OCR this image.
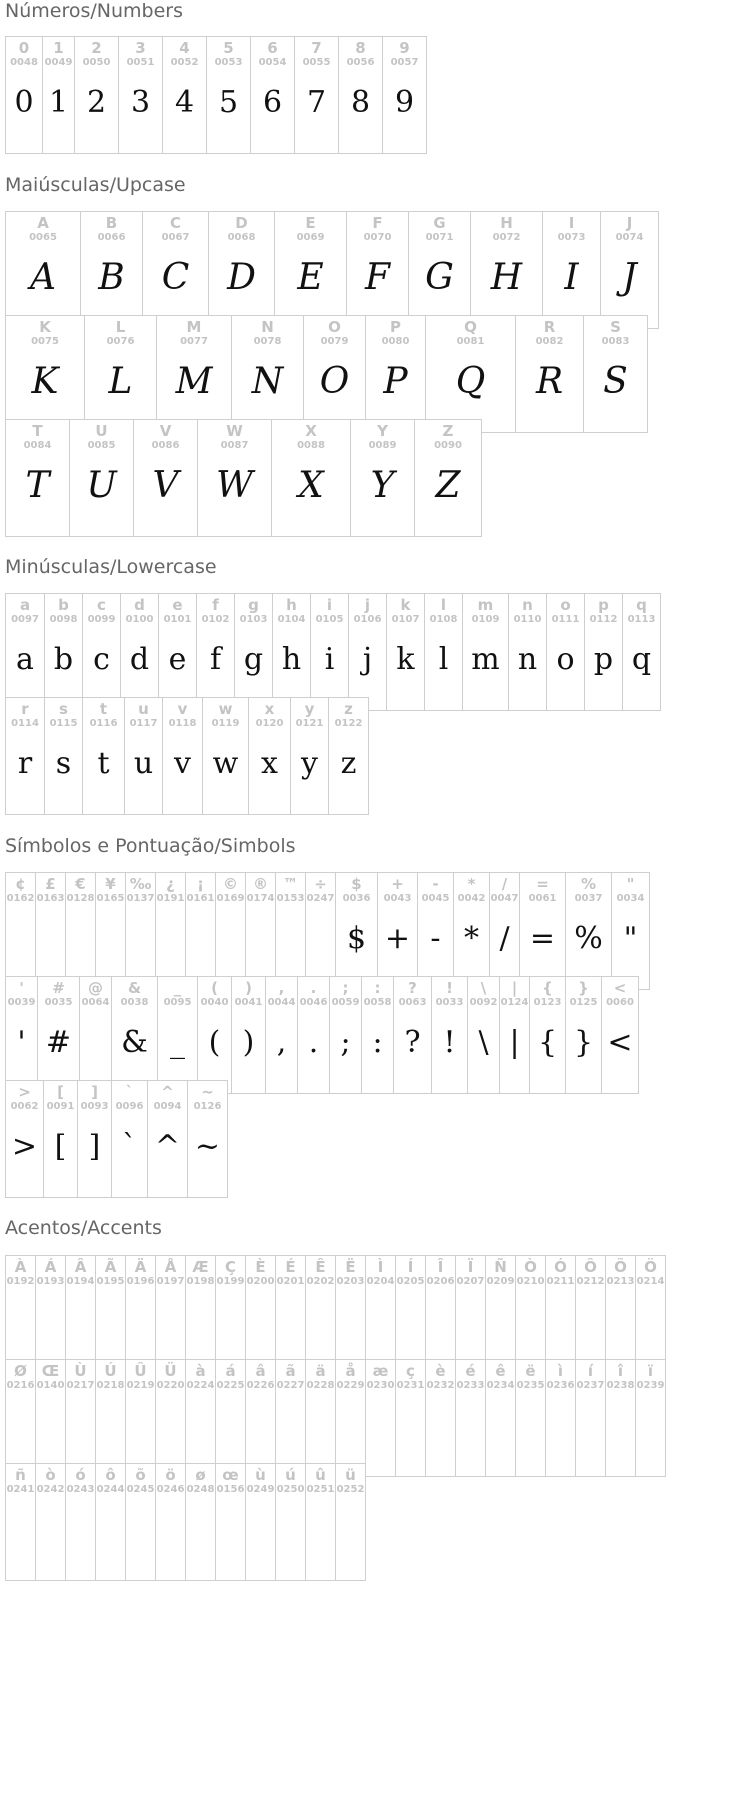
Números/Numbers
0
0048
0
1
0049
1
2
0050
2
3
0051
3
4
0052
4
5
0053
5
6
0054
6
7
0055
7
8
0056
8
9
0057
9
Maiúsculas/Upcase
A
0065
A
B
0066
B
C
0067
C
D
0068
D
E
0069
E
F
0070
F
G
0071
G
H
0072
H
I
0073
I
J
0074
J
K
0075
K
L
0076
L
M
0077
M
N
0078
N
O
0079
O
P
0080
P
Q
0081
Q
R
0082
R
S
0083
S
T
0084
T
U
0085
U
V
0086
V
W
0087
W
X
0088
X
Y
0089
Y
Z
0090
Z
Minúsculas/Lowercase
a
0097
a
b
0098
b
c
0099
c
d
0100
d
e
0101
e
f
0102
f
g
0103
g
h
0104
h
i
0105
i
j
0106
j
k
0107
k
l
0108
l
m
0109
m
n
0110
n
o
0111
o
p
0112
p
q
0113
q
r
0114
r
s
0115
s
t
0116
t
u
0117
u
v
0118
v
w
0119
w
x
0120
x
y
0121
y
z
0122
z
Símbolos e Pontuação/Simbols
¢
0162
£
0163
€
0128
¥
0165
‰
0137
¿
0191
¡
0161
©
0169
®
0174
™
0153
÷
0247
$
0036
$
+
0043
+
-
0045
-
*
0042
*
/
0047
/
=
0061
=
%
0037
%
"
0034
"
'
0039
'
#
0035
#
@
0064
&
0038
&
_
0095
_
(
0040
(
)
0041
)
,
0044
,
.
0046
.
;
0059
;
:
0058
:
?
0063
?
!
0033
!
\
0092
\
|
0124
|
{
0123
{
}
0125
}
<
0060
<
>
0062
>
[
0091
[
]
0093
]
`
0096
`
^
0094
^
~
0126
~
Acentos/Accents
À
0192
Á
0193
Â
0194
Ã
0195
Ä
0196
Å
0197
Æ
0198
Ç
0199
È
0200
É
0201
Ê
0202
Ë
0203
Ì
0204
Í
0205
Î
0206
Ï
0207
Ñ
0209
Ò
0210
Ó
0211
Ô
0212
Õ
0213
Ö
0214
Ø
0216
Œ
0140
Ù
0217
Ú
0218
Û
0219
Ü
0220
à
0224
á
0225
â
0226
ã
0227
ä
0228
å
0229
æ
0230
ç
0231
è
0232
é
0233
ê
0234
ë
0235
ì
0236
í
0237
î
0238
ï
0239
ñ
0241
ò
0242
ó
0243
ô
0244
õ
0245
ö
0246
ø
0248
œ
0156
ù
0249
ú
0250
û
0251
ü
0252
